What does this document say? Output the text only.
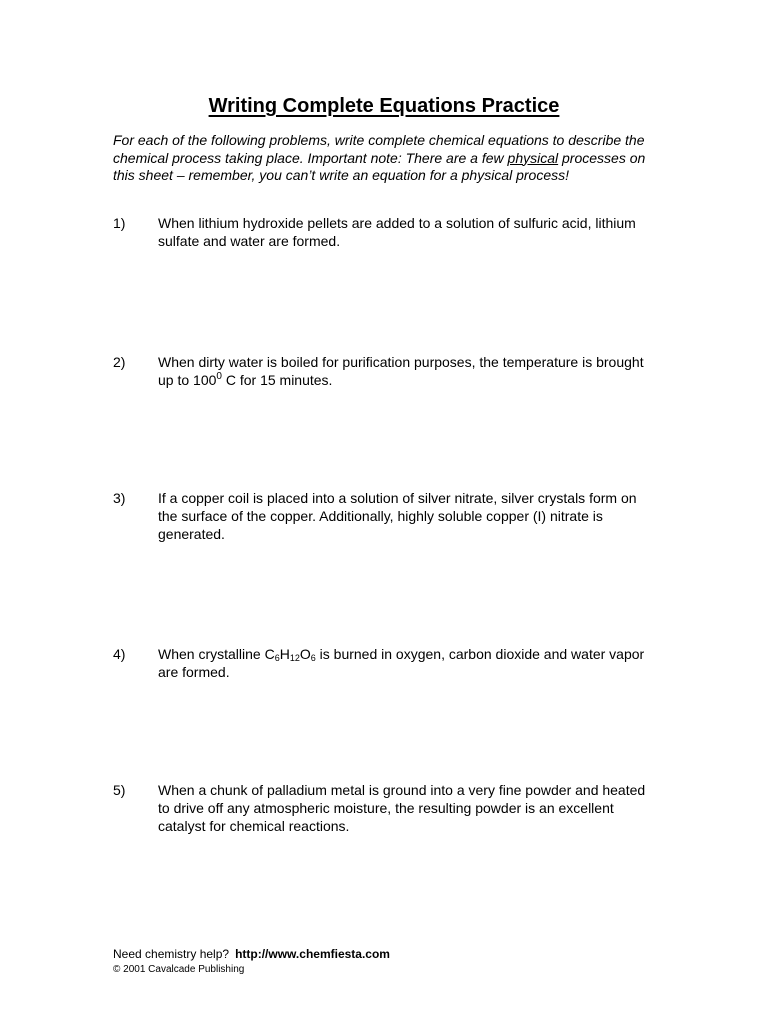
Writing Complete Equations Practice

For each of the following problems, write complete chemical equations to describe the chemical process taking place. Important note: There are a few physical processes on this sheet – remember, you can’t write an equation for a physical process!

1) When lithium hydroxide pellets are added to a solution of sulfuric acid, lithium sulfate and water are formed.
2) When dirty water is boiled for purification purposes, the temperature is brought up to $100^0$ C for 15 minutes.
3) If a copper coil is placed into a solution of silver nitrate, silver crystals form on the surface of the copper. Additionally, highly soluble copper (I) nitrate is generated.
4) When crystalline $C_6H_{12}O_6$ is burned in oxygen, carbon dioxide and water vapor are formed.
5) When a chunk of palladium metal is ground into a very fine powder and heated to drive off any atmospheric moisture, the resulting powder is an excellent catalyst for chemical reactions.
Need chemistry help? http://www.chemfiesta.com
© 2001 Cavalcade Publishing
